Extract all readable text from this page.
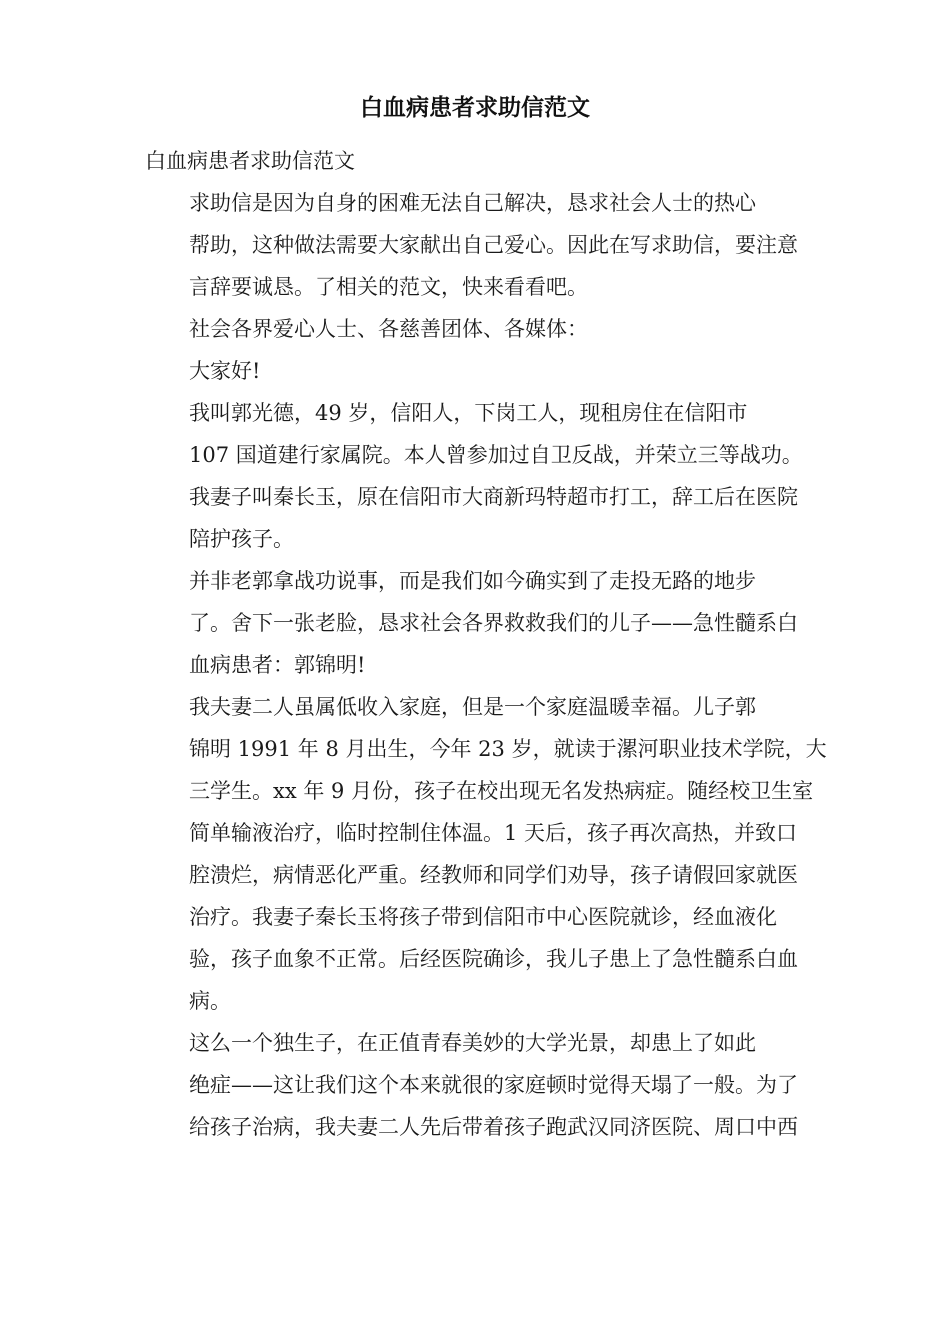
白血病患者求助信范文

白血病患者求助信范文

求助信是因为自身的困难无法自己解决，恳求社会人士的热心
帮助，这种做法需要大家献出自己爱心。因此在写求助信，要注意
言辞要诚恳。了相关的范文，快来看看吧。

社会各界爱心人士、各慈善团体、各媒体：

大家好!

我叫郭光德，49 岁，信阳人，下岗工人，现租房住在信阳市
107 国道建行家属院。本人曾参加过自卫反战，并荣立三等战功。
我妻子叫秦长玉，原在信阳市大商新玛特超市打工，辞工后在医院
陪护孩子。

并非老郭拿战功说事，而是我们如今确实到了走投无路的地步
了。舍下一张老脸，恳求社会各界救救我们的儿子——急性髓系白
血病患者：郭锦明!

我夫妻二人虽属低收入家庭，但是一个家庭温暖幸福。儿子郭
锦明 1991 年 8 月出生，今年 23 岁，就读于漯河职业技术学院，大
三学生。xx 年 9 月份，孩子在校出现无名发热病症。随经校卫生室
简单输液治疗，临时控制住体温。1 天后，孩子再次高热，并致口
腔溃烂，病情恶化严重。经教师和同学们劝导，孩子请假回家就医
治疗。我妻子秦长玉将孩子带到信阳市中心医院就诊，经血液化
验，孩子血象不正常。后经医院确诊，我儿子患上了急性髓系白血
病。

这么一个独生子，在正值青春美妙的大学光景，却患上了如此
绝症——这让我们这个本来就很的家庭顿时觉得天塌了一般。为了
给孩子治病，我夫妻二人先后带着孩子跑武汉同济医院、周口中西
